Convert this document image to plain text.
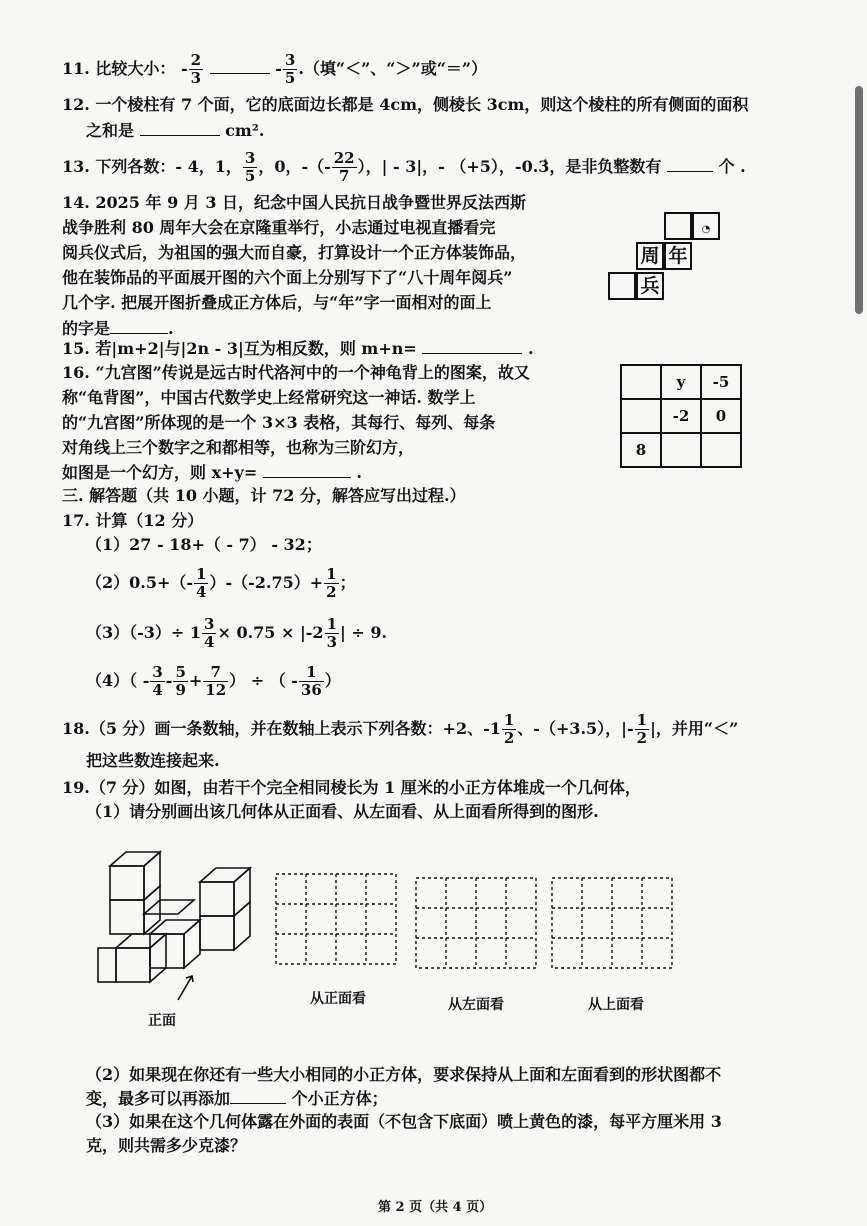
11. 比较大小： - $\frac{2}{3}$	- $\frac{3}{5}$ .（填“＜”、“＞”或“＝”）
12. 一个棱柱有 7 个面，它的底面边长都是 4cm，侧棱长 3cm，则这个棱柱的所有侧面的面积
之和是	cm².
13. 下列各数：- 4，1， $\frac{3}{5}$ ，0，-（- $\frac{22}{7}$ ），| - 3|，- （+5），-0.3̇，是非负整数有	个 .
14. 2025 年 9 月 3 日，纪念中国人民抗日战争暨世界反法西斯
战争胜利 80 周年大会在京隆重举行，小志通过电视直播看完
阅兵仪式后，为祖国的强大而自豪，打算设计一个正方体装饰品，
他在装饰品的平面展开图的六个面上分别写下了“八十周年阅兵”
几个字. 把展开图折叠成正方体后，与“年”字一面相对的面上
的字是	.
◔
周 年
兵
15. 若|m+2|与|2n - 3|互为相反数，则 m+n=	.
16. “九宫图”传说是远古时代洛河中的一个神龟背上的图案，故又
称“龟背图”，中国古代数学史上经常研究这一神话. 数学上
的“九宫图”所体现的是一个 3×3 表格，其每行、每列、每条
对角线上三个数字之和都相等，也称为三阶幻方，
如图是一个幻方，则 x+y=	.
	y	-5
	-2	0
8		
三. 解答题（共 10 小题，计 72 分，解答应写出过程.）
17. 计算（12 分）
（1）27 - 18+（ - 7） - 32；
$(2)0.5+(- \frac{1}{4} )-(-2.75)+ \frac{1}{2}$ ；
$(3)(-3)\div 1 \frac{3}{4} \times 0.75 \times |-2 \frac{1}{3}$ | ÷ 9.
$(4)( - \frac{3}{4} - \frac{5}{9} + \frac{7}{12}$ ） ÷ （ - $\frac{1}{36}$ ）
18.（5 分）画一条数轴，并在数轴上表示下列各数：+2、$-1 \frac{1}{2}$ 、-（+3.5），|- $\frac{1}{2}$ |，并用“＜”
把这些数连接起来.
19.（7 分）如图，由若干个完全相同棱长为 1 厘米的小正方体堆成一个几何体，
（1）请分别画出该几何体从正面看、从左面看、从上面看所得到的图形.
正面
从正面看	从左面看	从上面看
（2）如果现在你还有一些大小相同的小正方体，要求保持从上面和左面看到的形状图都不
变，最多可以再添加	个小正方体；
（3）如果在这个几何体露在外面的表面（不包含下底面）喷上黄色的漆，每平方厘米用 3
克，则共需多少克漆？
第 2 页（共 4 页）
